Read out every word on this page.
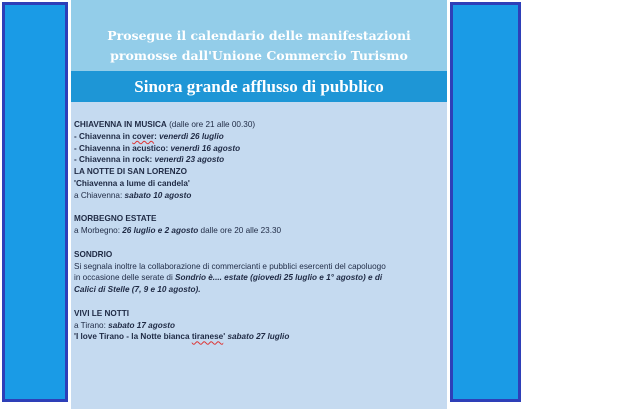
Prosegue il calendario delle manifestazioni
promosse dall'Unione Commercio Turismo
Sinora grande afflusso di pubblico

CHIAVENNA IN MUSICA (dalle ore 21 alle 00.30)

- Chiavenna in cover: venerdì 26 luglio

- Chiavenna in acustico: venerdì 16 agosto

- Chiavenna in rock: venerdì 23 agosto

LA NOTTE DI SAN LORENZO

'Chiavenna a lume di candela'

a Chiavenna: sabato 10 agosto

MORBEGNO ESTATE

a Morbegno: 26 luglio e 2 agosto dalle ore 20 alle 23.30

SONDRIO

Si segnala inoltre la collaborazione di commercianti e pubblici esercenti del capoluogo

in occasione delle serate di Sondrio è.... estate (giovedì 25 luglio e 1° agosto) e di

Calici di Stelle (7, 9 e 10 agosto).

VIVI LE NOTTI

a Tirano: sabato 17 agosto

'I love Tirano - la Notte bianca tiranese' sabato 27 luglio
